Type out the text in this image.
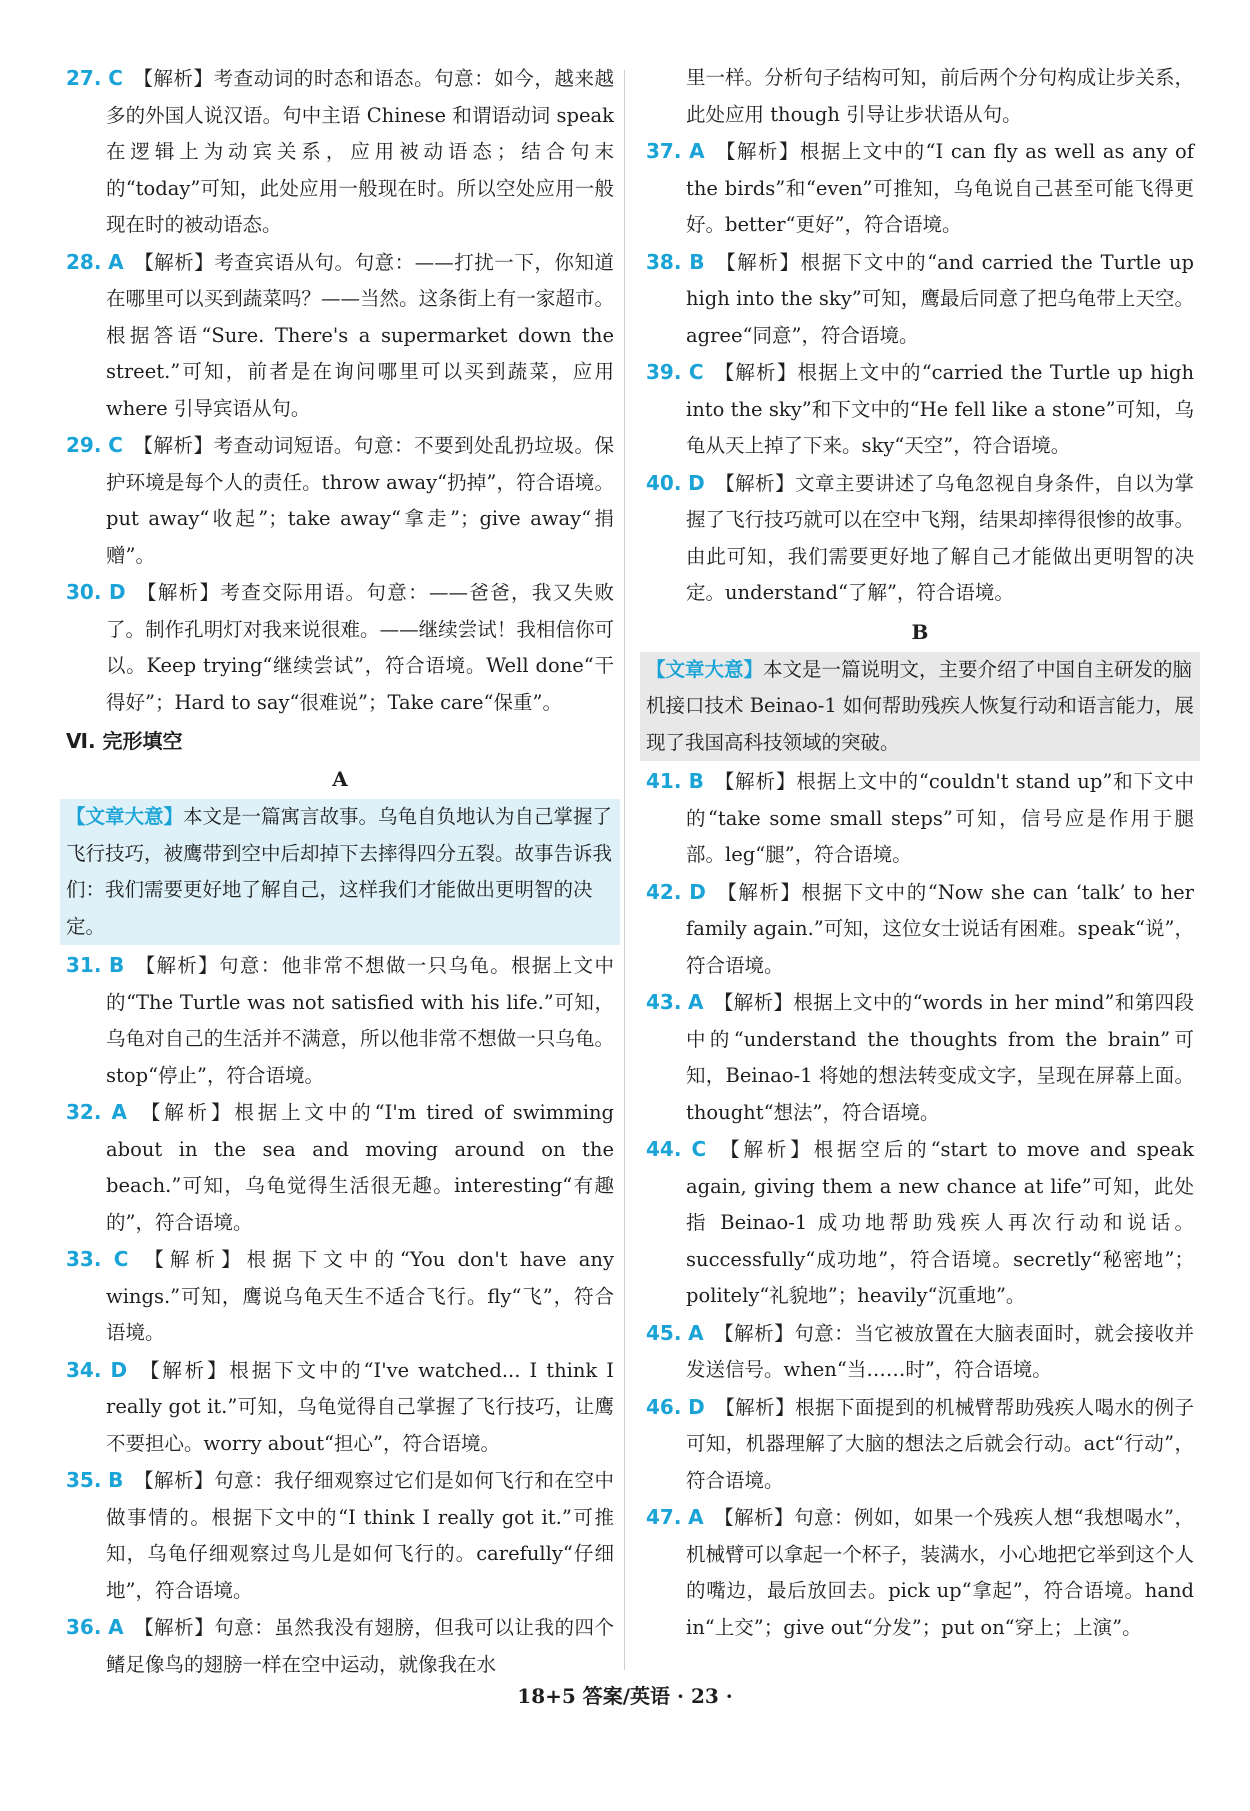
27. C 【解析】考查动词的时态和语态。句意：如今，越来越多的外国人说汉语。句中主语 Chinese 和谓语动词 speak 在逻辑上为动宾关系，应用被动语态；结合句末的“today”可知，此处应用一般现在时。所以空处应用一般现在时的被动语态。

28. A 【解析】考查宾语从句。句意：——打扰一下，你知道在哪里可以买到蔬菜吗？——当然。这条街上有一家超市。根据答语“Sure. There's a supermarket down the street.”可知，前者是在询问哪里可以买到蔬菜，应用 where 引导宾语从句。

29. C 【解析】考查动词短语。句意：不要到处乱扔垃圾。保护环境是每个人的责任。throw away“扔掉”，符合语境。put away“收起”；take away“拿走”；give away“捐赠”。

30. D 【解析】考查交际用语。句意：——爸爸，我又失败了。制作孔明灯对我来说很难。——继续尝试！我相信你可以。Keep trying“继续尝试”，符合语境。Well done“干得好”；Hard to say“很难说”；Take care“保重”。

Ⅵ. 完形填空
A
【文章大意】本文是一篇寓言故事。乌龟自负地认为自己掌握了飞行技巧，被鹰带到空中后却掉下去摔得四分五裂。故事告诉我们：我们需要更好地了解自己，这样我们才能做出更明智的决定。

31. B 【解析】句意：他非常不想做一只乌龟。根据上文中的“The Turtle was not satisfied with his life.”可知，乌龟对自己的生活并不满意，所以他非常不想做一只乌龟。stop“停止”，符合语境。

32. A 【解析】根据上文中的“I'm tired of swimming about in the sea and moving around on the beach.”可知，乌龟觉得生活很无趣。interesting“有趣的”，符合语境。

33. C 【解析】根据下文中的“You don't have any wings.”可知，鹰说乌龟天生不适合飞行。fly“飞”，符合语境。

34. D 【解析】根据下文中的“I've watched... I think I really got it.”可知，乌龟觉得自己掌握了飞行技巧，让鹰不要担心。worry about“担心”，符合语境。

35. B 【解析】句意：我仔细观察过它们是如何飞行和在空中做事情的。根据下文中的“I think I really got it.”可推知，乌龟仔细观察过鸟儿是如何飞行的。carefully“仔细地”，符合语境。

36. A 【解析】句意：虽然我没有翅膀，但我可以让我的四个鳍足像鸟的翅膀一样在空中运动，就像我在水

里一样。分析句子结构可知，前后两个分句构成让步关系，此处应用 though 引导让步状语从句。

37. A 【解析】根据上文中的“I can fly as well as any of the birds”和“even”可推知，乌龟说自己甚至可能飞得更好。better“更好”，符合语境。

38. B 【解析】根据下文中的“and carried the Turtle up high into the sky”可知，鹰最后同意了把乌龟带上天空。agree“同意”，符合语境。

39. C 【解析】根据上文中的“carried the Turtle up high into the sky”和下文中的“He fell like a stone”可知，乌龟从天上掉了下来。sky“天空”，符合语境。

40. D 【解析】文章主要讲述了乌龟忽视自身条件，自以为掌握了飞行技巧就可以在空中飞翔，结果却摔得很惨的故事。由此可知，我们需要更好地了解自己才能做出更明智的决定。understand“了解”，符合语境。

B
【文章大意】本文是一篇说明文，主要介绍了中国自主研发的脑机接口技术 Beinao-1 如何帮助残疾人恢复行动和语言能力，展现了我国高科技领域的突破。

41. B 【解析】根据上文中的“couldn't stand up”和下文中的“take some small steps”可知，信号应是作用于腿部。leg“腿”，符合语境。

42. D 【解析】根据下文中的“Now she can ‘talk’ to her family again.”可知，这位女士说话有困难。speak“说”，符合语境。

43. A 【解析】根据上文中的“words in her mind”和第四段中的“understand the thoughts from the brain”可知，Beinao-1 将她的想法转变成文字，呈现在屏幕上面。thought“想法”，符合语境。

44. C 【解析】根据空后的“start to move and speak again, giving them a new chance at life”可知，此处指 Beinao-1 成功地帮助残疾人再次行动和说话。successfully“成功地”，符合语境。secretly“秘密地”；politely“礼貌地”；heavily“沉重地”。

45. A 【解析】句意：当它被放置在大脑表面时，就会接收并发送信号。when“当……时”，符合语境。

46. D 【解析】根据下面提到的机械臂帮助残疾人喝水的例子可知，机器理解了大脑的想法之后就会行动。act“行动”，符合语境。

47. A 【解析】句意：例如，如果一个残疾人想“我想喝水”，机械臂可以拿起一个杯子，装满水，小心地把它举到这个人的嘴边，最后放回去。pick up“拿起”，符合语境。hand in“上交”；give out“分发”；put on“穿上；上演”。

18+5 答案/英语 · 23 ·
